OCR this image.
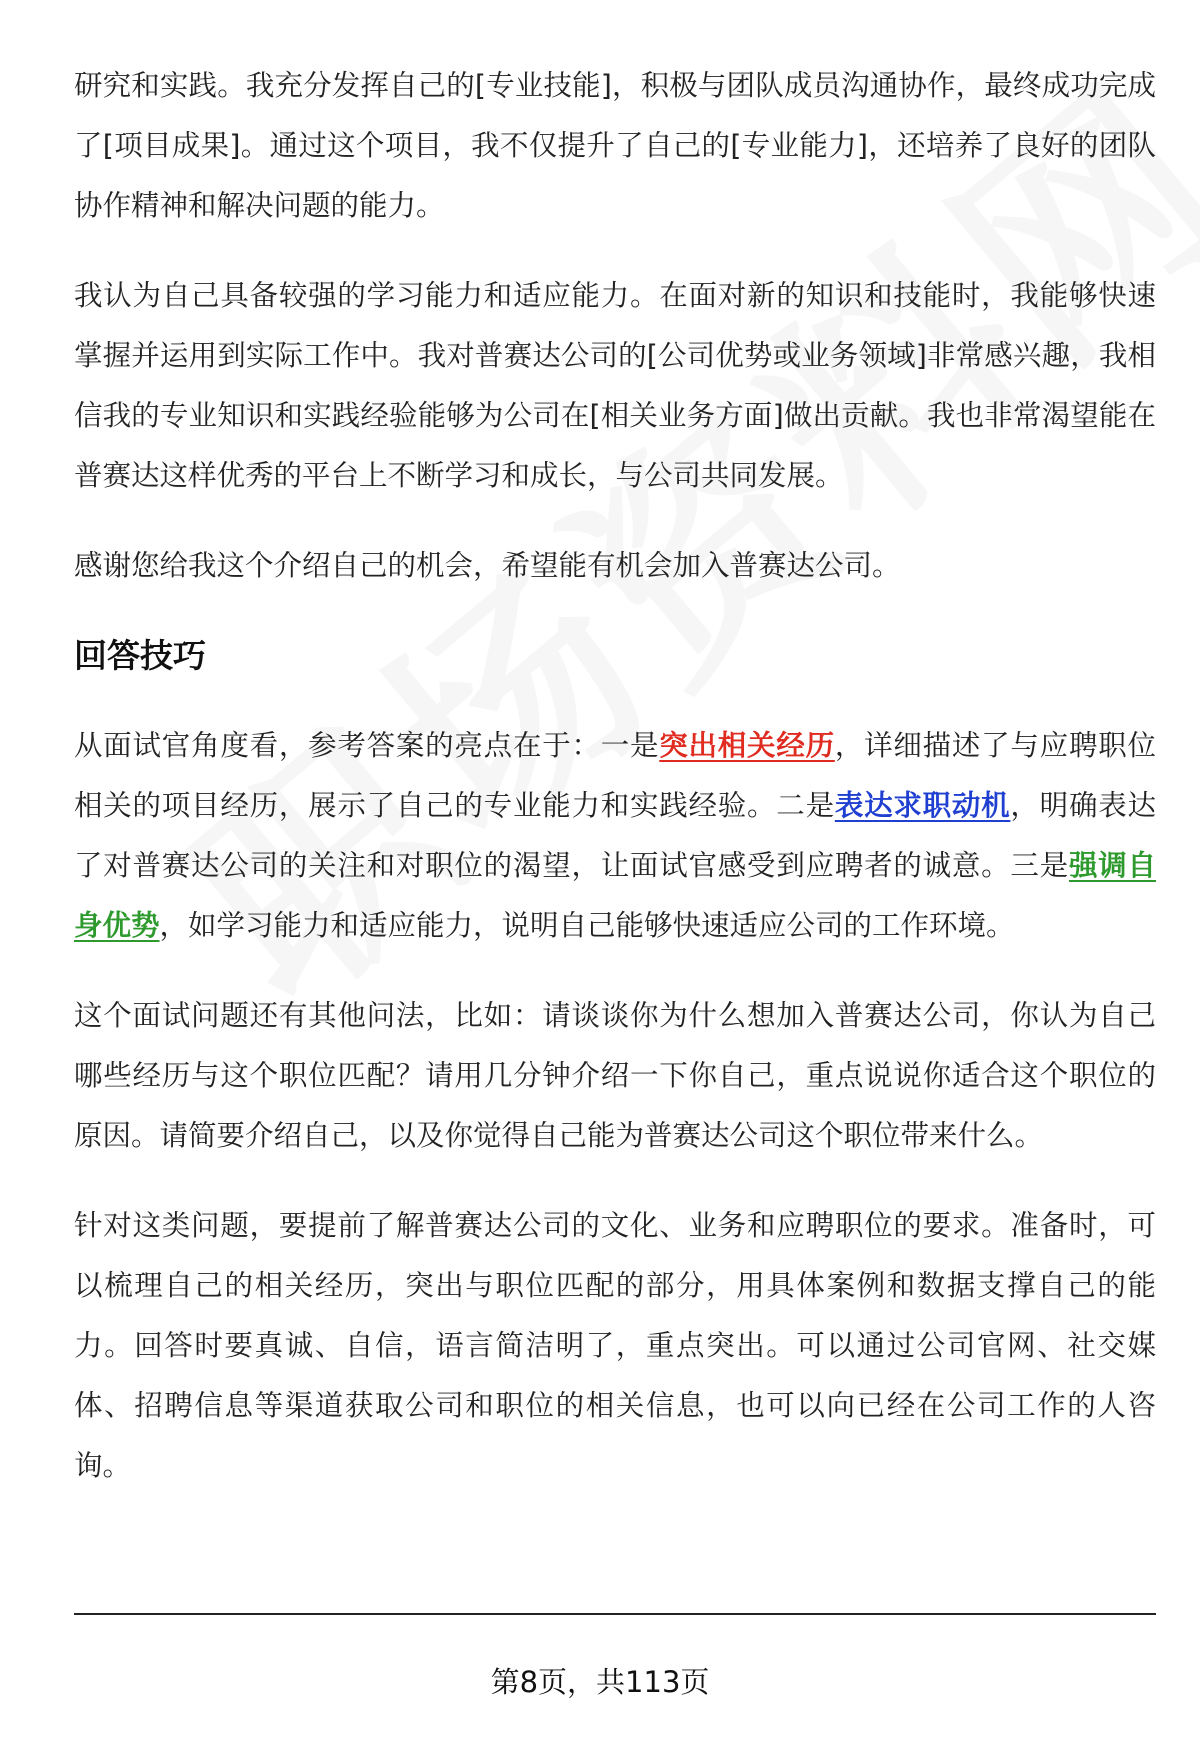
研究和实践。我充分发挥自己的[专业技能]，积极与团队成员沟通协作，最终成功完成了[项目成果]。通过这个项目，我不仅提升了自己的[专业能力]，还培养了良好的团队协作精神和解决问题的能力。

我认为自己具备较强的学习能力和适应能力。在面对新的知识和技能时，我能够快速掌握并运用到实际工作中。我对普赛达公司的[公司优势或业务领域]非常感兴趣，我相信我的专业知识和实践经验能够为公司在[相关业务方面]做出贡献。我也非常渴望能在普赛达这样优秀的平台上不断学习和成长，与公司共同发展。

感谢您给我这个介绍自己的机会，希望能有机会加入普赛达公司。

回答技巧

从面试官角度看，参考答案的亮点在于：一是突出相关经历，详细描述了与应聘职位相关的项目经历，展示了自己的专业能力和实践经验。二是表达求职动机，明确表达了对普赛达公司的关注和对职位的渴望，让面试官感受到应聘者的诚意。三是强调自身优势，如学习能力和适应能力，说明自己能够快速适应公司的工作环境。

这个面试问题还有其他问法，比如：请谈谈你为什么想加入普赛达公司，你认为自己哪些经历与这个职位匹配？请用几分钟介绍一下你自己，重点说说你适合这个职位的原因。请简要介绍自己，以及你觉得自己能为普赛达公司这个职位带来什么。

针对这类问题，要提前了解普赛达公司的文化、业务和应聘职位的要求。准备时，可以梳理自己的相关经历，突出与职位匹配的部分，用具体案例和数据支撑自己的能力。回答时要真诚、自信，语言简洁明了，重点突出。可以通过公司官网、社交媒体、招聘信息等渠道获取公司和职位的相关信息，也可以向已经在公司工作的人咨询。

第8页，共113页
